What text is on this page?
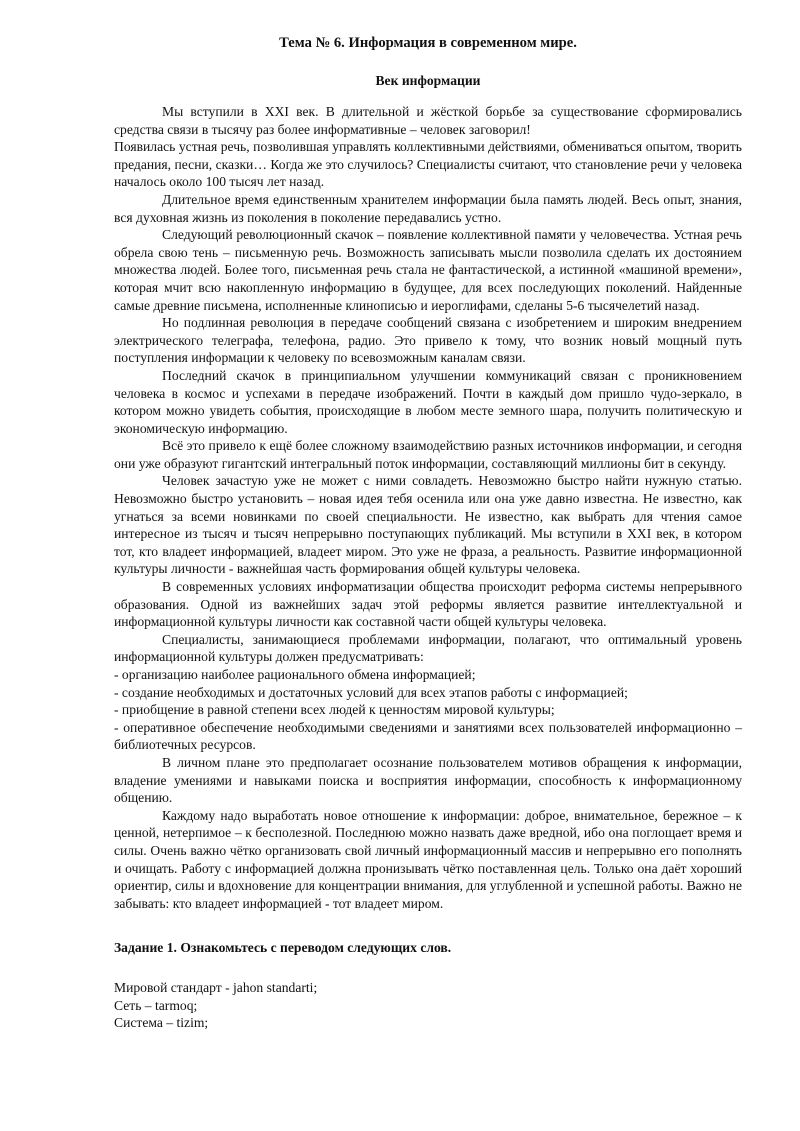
Тема № 6. Информация в современном мире.
Век информации

Мы вступили в XXI век. В длительной и жёсткой борьбе за существование сформировались средства связи в тысячу раз более информативные – человек заговорил!

Появилась устная речь, позволившая управлять коллективными действиями, обмениваться опытом, творить предания, песни, сказки… Когда же это случилось? Специалисты считают, что становление речи у человека началось около 100 тысяч лет назад.

Длительное время единственным хранителем информации была память людей. Весь опыт, знания, вся духовная жизнь из поколения в поколение передавались устно.

Следующий революционный скачок – появление коллективной памяти у человечества. Устная речь обрела свою тень – письменную речь. Возможность записывать мысли позволила сделать их достоянием множества людей. Более того, письменная речь стала не фантастической, а истинной «машиной времени», которая мчит всю накопленную информацию в будущее, для всех последующих поколений. Найденные самые древние письмена, исполненные клинописью и иероглифами, сделаны 5-6 тысячелетий назад.

Но подлинная революция в передаче сообщений связана с изобретением и широким внедрением электрического телеграфа, телефона, радио. Это привело к тому, что возник новый мощный путь поступления информации к человеку по всевозможным каналам связи.

Последний скачок в принципиальном улучшении коммуникаций связан с проникновением человека в космос и успехами в передаче изображений. Почти в каждый дом пришло чудо-зеркало, в котором можно увидеть события, происходящие в любом месте земного шара, получить политическую и экономическую информацию.

Всё это привело к ещё более сложному взаимодействию разных источников информации, и сегодня они уже образуют гигантский интегральный поток информации, составляющий миллионы бит в секунду.

Человек зачастую уже не может с ними совладеть. Невозможно быстро найти нужную статью. Невозможно быстро установить – новая идея тебя осенила или она уже давно известна. Не известно, как угнаться за всеми новинками по своей специальности. Не известно, как выбрать для чтения самое интересное из тысяч и тысяч непрерывно поступающих публикаций. Мы вступили в XXI век, в котором тот, кто владеет информацией, владеет миром. Это уже не фраза, а реальность. Развитие информационной культуры личности - важнейшая часть формирования общей культуры человека.

В современных условиях информатизации общества происходит реформа системы непрерывного образования. Одной из важнейших задач этой реформы является развитие интеллектуальной и информационной культуры личности как составной части общей культуры человека.

Специалисты, занимающиеся проблемами информации, полагают, что оптимальный уровень информационной культуры должен предусматривать:

- организацию наиболее рационального обмена информацией;

- создание необходимых и достаточных условий для всех этапов работы с информацией;

- приобщение в равной степени всех людей к ценностям мировой культуры;

- оперативное обеспечение необходимыми сведениями и занятиями всех пользователей информационно – библиотечных ресурсов.

В личном плане это предполагает осознание пользователем мотивов обращения к информации, владение умениями и навыками поиска и восприятия информации, способность к информационному общению.

Каждому надо выработать новое отношение к информации: доброе, внимательное, бережное – к ценной, нетерпимое – к бесполезной. Последнюю можно назвать даже вредной, ибо она поглощает время и силы. Очень важно чётко организовать свой личный информационный массив и непрерывно его пополнять и очищать. Работу с информацией должна пронизывать чётко поставленная цель. Только она даёт хороший ориентир, силы и вдохновение для концентрации внимания, для углубленной и успешной работы. Важно не забывать: кто владеет информацией - тот владеет миром.

Задание 1. Ознакомьтесь с переводом следующих слов.
Мировой стандарт - jahon standarti;
Сеть – tarmoq;
Система – tizim;
